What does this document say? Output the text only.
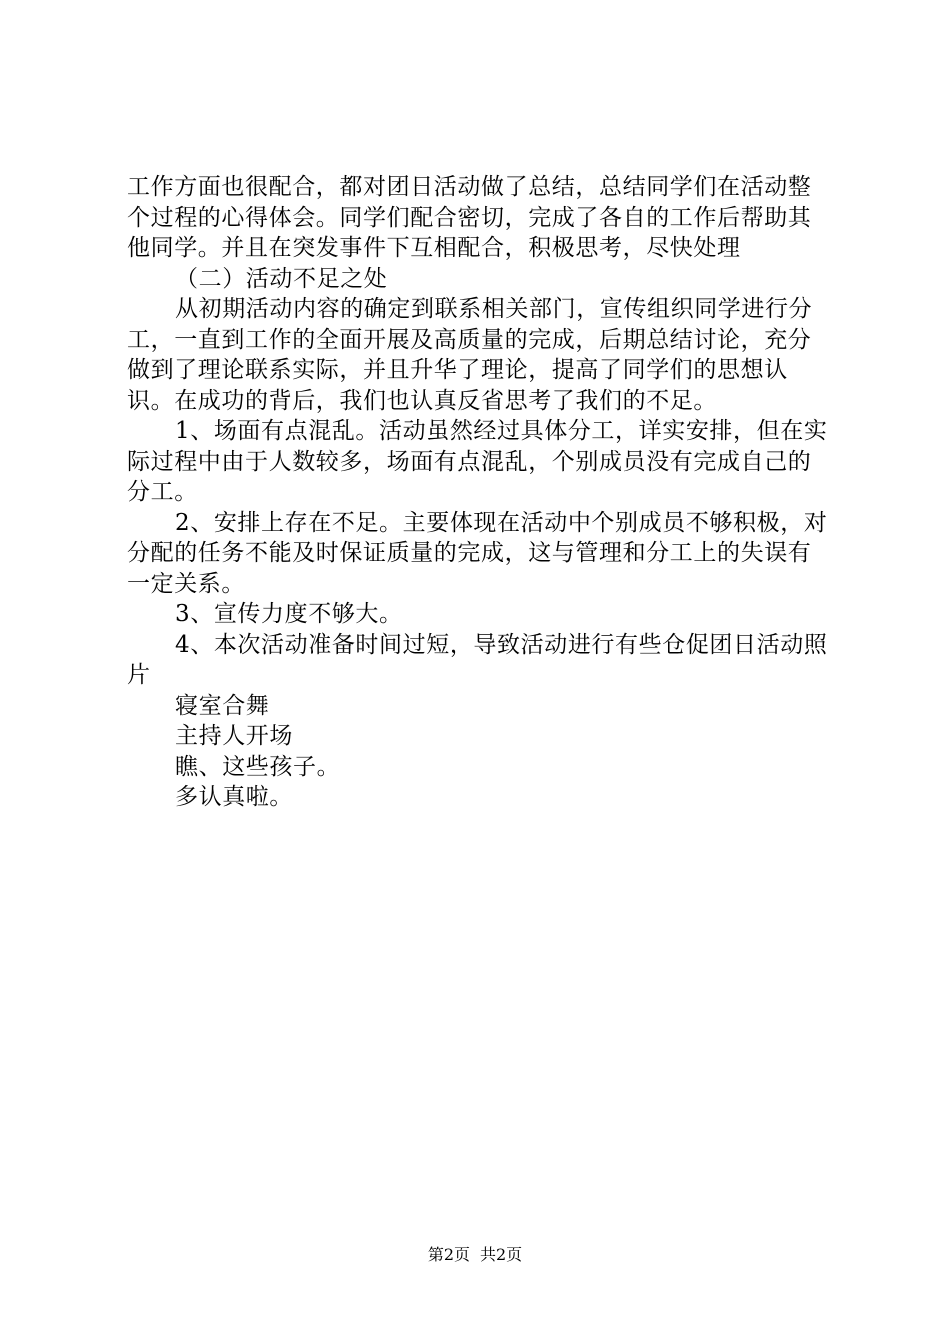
工作方面也很配合，都对团日活动做了总结，总结同学们在活动整个过程的心得体会。同学们配合密切，完成了各自的工作后帮助其他同学。并且在突发事件下互相配合，积极思考，尽快处理

（二）活动不足之处

从初期活动内容的确定到联系相关部门，宣传组织同学进行分工，一直到工作的全面开展及高质量的完成，后期总结讨论，充分做到了理论联系实际，并且升华了理论，提高了同学们的思想认识。在成功的背后，我们也认真反省思考了我们的不足。

1、场面有点混乱。活动虽然经过具体分工，详实安排，但在实际过程中由于人数较多，场面有点混乱，个别成员没有完成自己的分工。

2、安排上存在不足。主要体现在活动中个别成员不够积极，对分配的任务不能及时保证质量的完成，这与管理和分工上的失误有一定关系。

3、宣传力度不够大。

4、本次活动准备时间过短，导致活动进行有些仓促团日活动照片

寝室合舞

主持人开场

瞧、这些孩子。

多认真啦。

第2页 共2页
